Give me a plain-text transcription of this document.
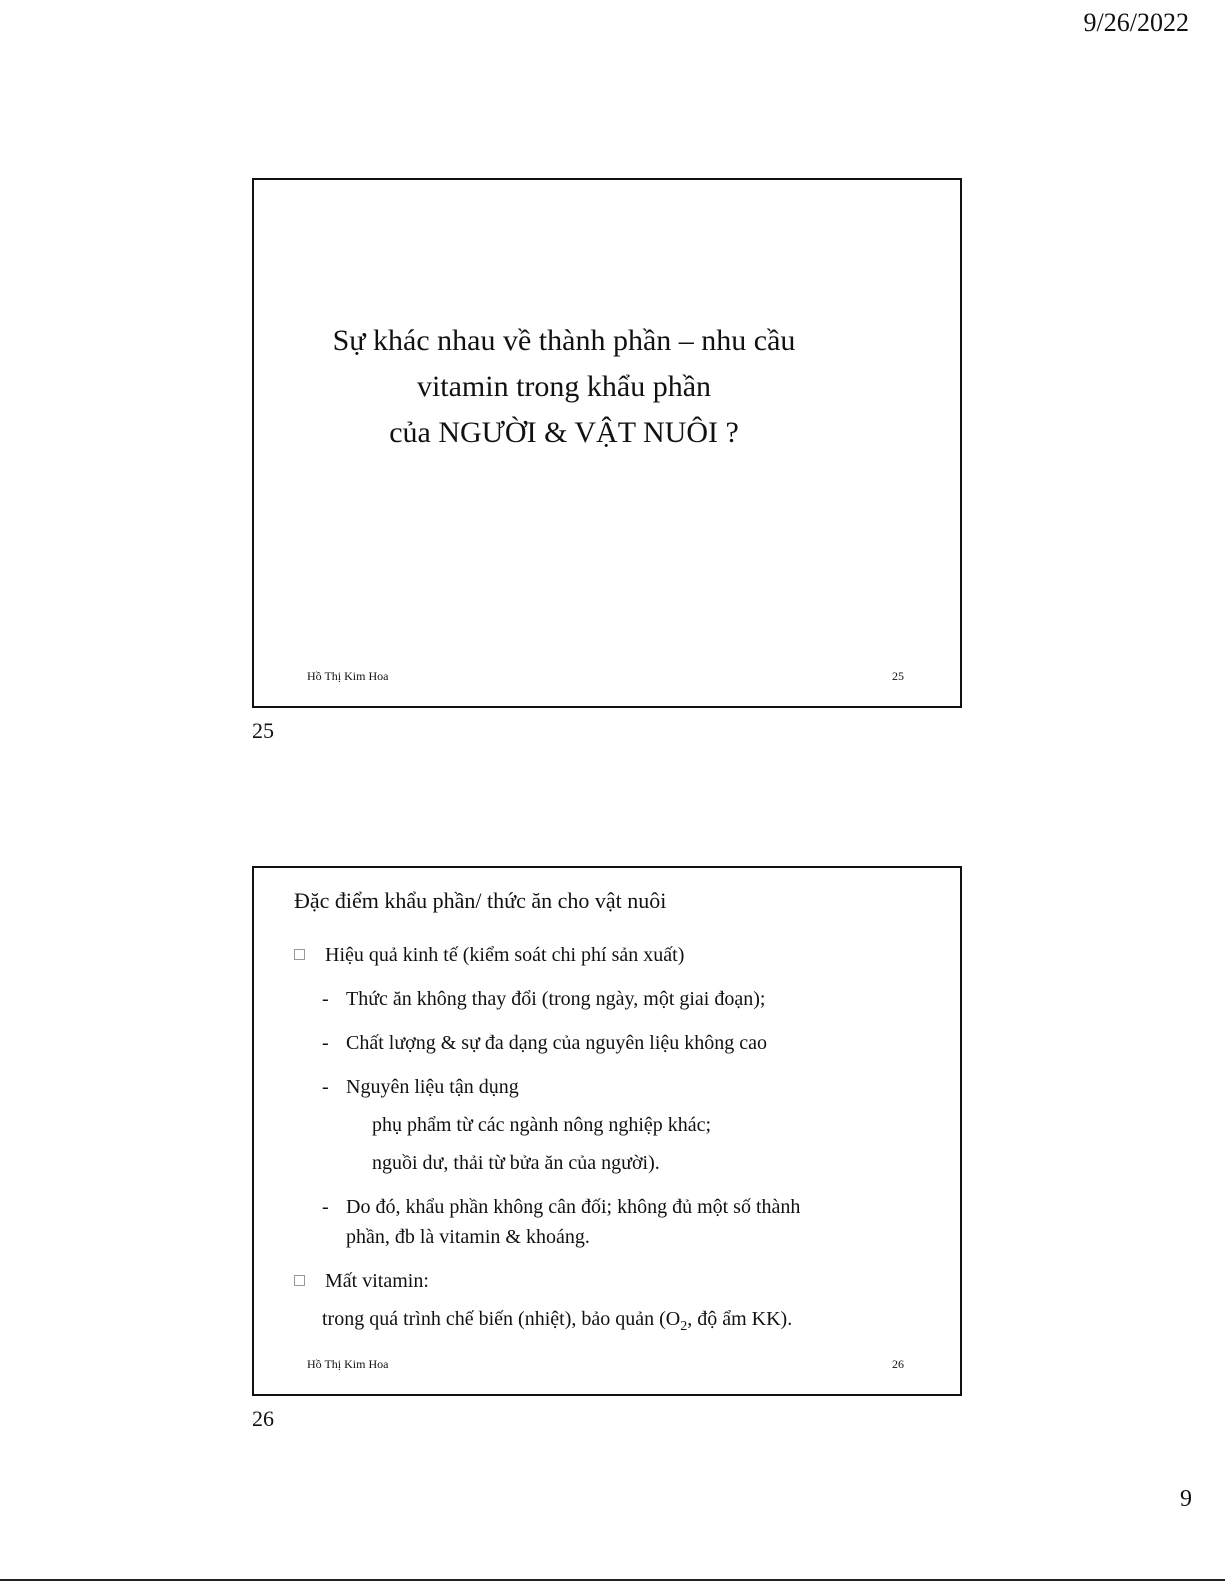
9/26/2022
Sự khác nhau về thành phần – nhu cầu
vitamin trong khẩu phần
của NGƯỜI & VẬT NUÔI ?
Hồ Thị Kim Hoa	25
25
Đặc điểm khẩu phần/ thức ăn cho vật nuôi
Hiệu quả kinh tế (kiểm soát chi phí sản xuất)
- Thức ăn không thay đổi (trong ngày, một giai đoạn);
- Chất lượng & sự đa dạng của nguyên liệu không cao
- Nguyên liệu tận dụng
phụ phẩm từ các ngành nông nghiệp khác;
nguồi dư, thải từ bửa ăn của người).
- Do đó, khẩu phần không cân đối; không đủ một số thành
phần, đb là vitamin & khoáng.
Mất vitamin:
trong quá trình chế biến (nhiệt), bảo quản ($O_2$, độ ẩm KK).
Hồ Thị Kim Hoa	26
26
9
